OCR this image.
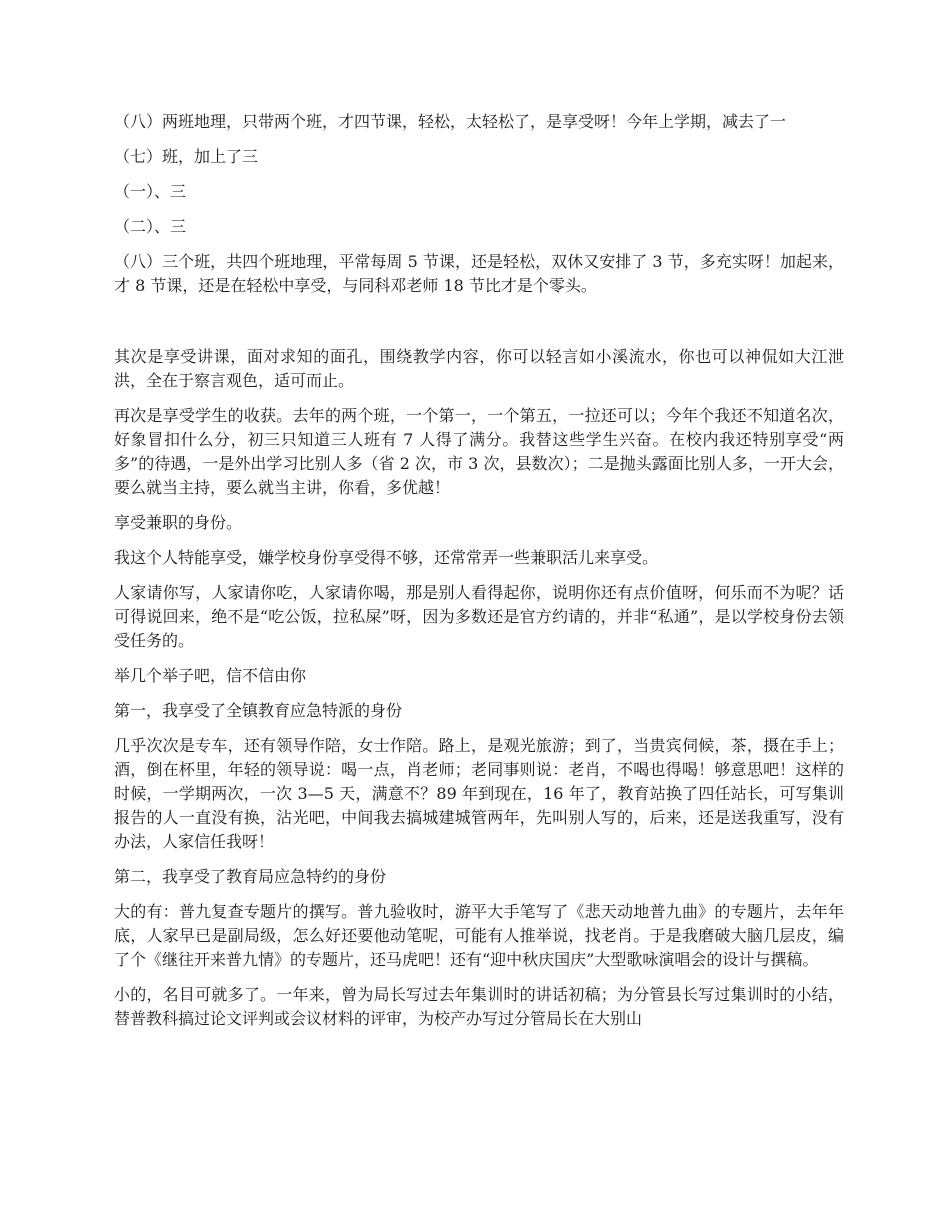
（八）两班地理，只带两个班，才四节课，轻松，太轻松了，是享受呀！今年上学期，减去了一

（七）班，加上了三

（一）、三

（二）、三

（八）三个班，共四个班地理，平常每周 5 节课，还是轻松，双休又安排了 3 节，多充实呀！加起来，才 8 节课，还是在轻松中享受，与同科邓老师 18 节比才是个零头。

其次是享受讲课，面对求知的面孔，围绕教学内容，你可以轻言如小溪流水，你也可以神侃如大江泄洪，全在于察言观色，适可而止。

再次是享受学生的收获。去年的两个班，一个第一，一个第五，一拉还可以；今年个我还不知道名次，好象冒扣什么分，初三只知道三人班有 7 人得了满分。我替这些学生兴奋。在校内我还特别享受“两多”的待遇，一是外出学习比别人多（省 2 次，市 3 次，县数次）；二是抛头露面比别人多，一开大会，要么就当主持，要么就当主讲，你看，多优越！

享受兼职的身份。

我这个人特能享受，嫌学校身份享受得不够，还常常弄一些兼职活儿来享受。

人家请你写，人家请你吃，人家请你喝，那是别人看得起你，说明你还有点价值呀，何乐而不为呢？话可得说回来，绝不是“吃公饭，拉私屎”呀，因为多数还是官方约请的，并非“私通”，是以学校身份去领受任务的。

举几个举子吧，信不信由你

第一，我享受了全镇教育应急特派的身份

几乎次次是专车，还有领导作陪，女士作陪。路上，是观光旅游；到了，当贵宾伺候，茶，摄在手上；酒，倒在杯里，年轻的领导说：喝一点，肖老师；老同事则说：老肖，不喝也得喝！够意思吧！这样的时候，一学期两次，一次 3—5 天，满意不？89 年到现在，16 年了，教育站换了四任站长，可写集训报告的人一直没有换，沾光吧，中间我去搞城建城管两年，先叫别人写的，后来，还是送我重写，没有办法，人家信任我呀！

第二，我享受了教育局应急特约的身份

大的有：普九复查专题片的撰写。普九验收时，游平大手笔写了《悲天动地普九曲》的专题片，去年年底，人家早已是副局级，怎么好还要他动笔呢，可能有人推举说，找老肖。于是我磨破大脑几层皮，编了个《继往开来普九情》的专题片，还马虎吧！还有“迎中秋庆国庆”大型歌咏演唱会的设计与撰稿。

小的，名目可就多了。一年来，曾为局长写过去年集训时的讲话初稿；为分管县长写过集训时的小结，替普教科搞过论文评判或会议材料的评审，为校产办写过分管局长在大别山
